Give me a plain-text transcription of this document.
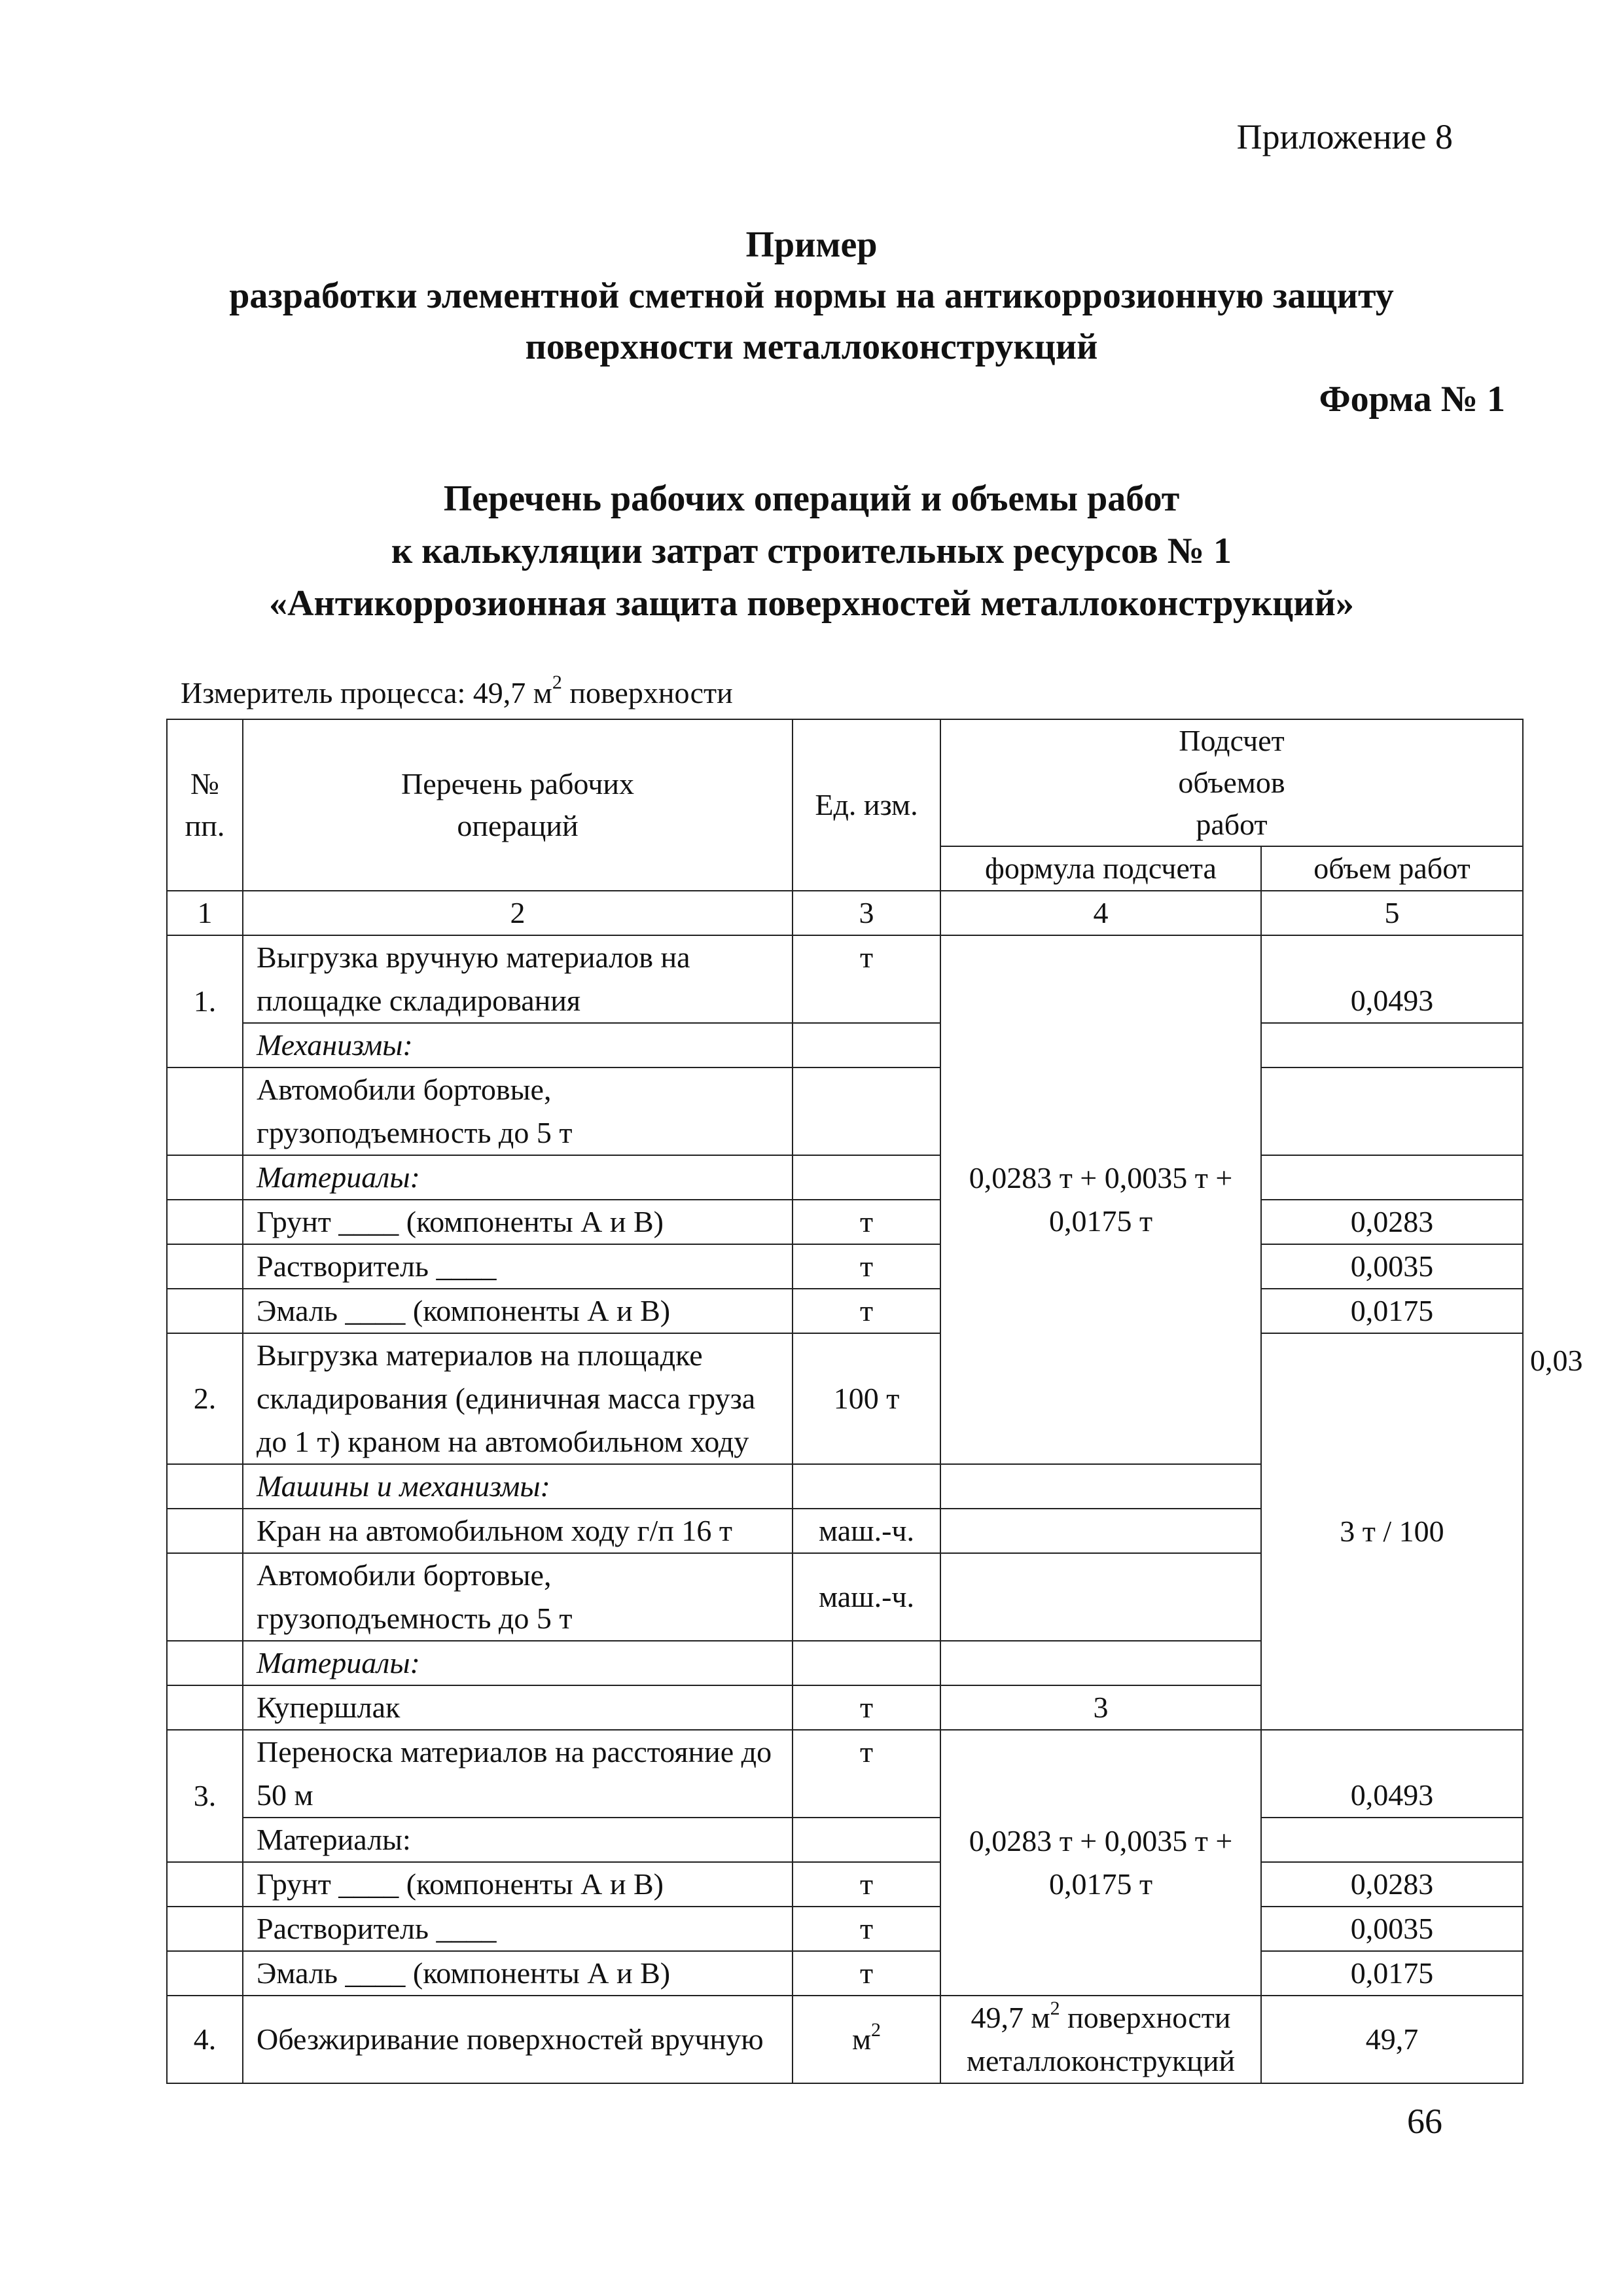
Приложение 8
Пример
разработки элементной сметной нормы на антикоррозионную защиту
поверхности металлоконструкций
Форма № 1
Перечень рабочих операций и объемы работ
к калькуляции затрат строительных ресурсов № 1
«Антикоррозионная защита поверхностей металлоконструкций»
Измеритель процесса: 49,7 $м^2$ поверхности
№ пп.	Перечень рабочих операций	Ед. изм.	Подсчет объемов работ		
			формула подсчета	объем работ	
1	2	3	4	5	
1.	Выгрузка вручную материалов на площадке складирования	т	0,0283 т + 0,0035 т + 0,0175 т	0,0493	
	Механизмы:				
	Автомобили бортовые, грузоподъемность до 5 т				
	Материалы:				
	Грунт ____ (компоненты А и В)	т		0,0283	
	Растворитель ____	т		0,0035	
	Эмаль ____ (компоненты А и В)	т		0,0175	
2.	Выгрузка материалов на площадке складирования (единичная масса груза до 1 т) краном на автомобильном ходу	100 т		3 т / 100	0,03
	Машины и механизмы:				
	Кран на автомобильном ходу г/п 16 т	маш.-ч.			
	Автомобили бортовые, грузоподъемность до 5 т	маш.-ч.			
	Материалы:				
	Купершлак	т	3		
3.	Переноска материалов на расстояние до 50 м	т	0,0283 т + 0,0035 т + 0,0175 т	0,0493	
	Материалы:				
	Грунт ____ (компоненты А и В)	т		0,0283	
	Растворитель ____	т		0,0035	
	Эмаль ____ (компоненты А и В)	т		0,0175	
4.	Обезжиривание поверхностей вручную	$м^2$	49,7 $м^2$ поверхности металлоконструкций	49,7	
66
